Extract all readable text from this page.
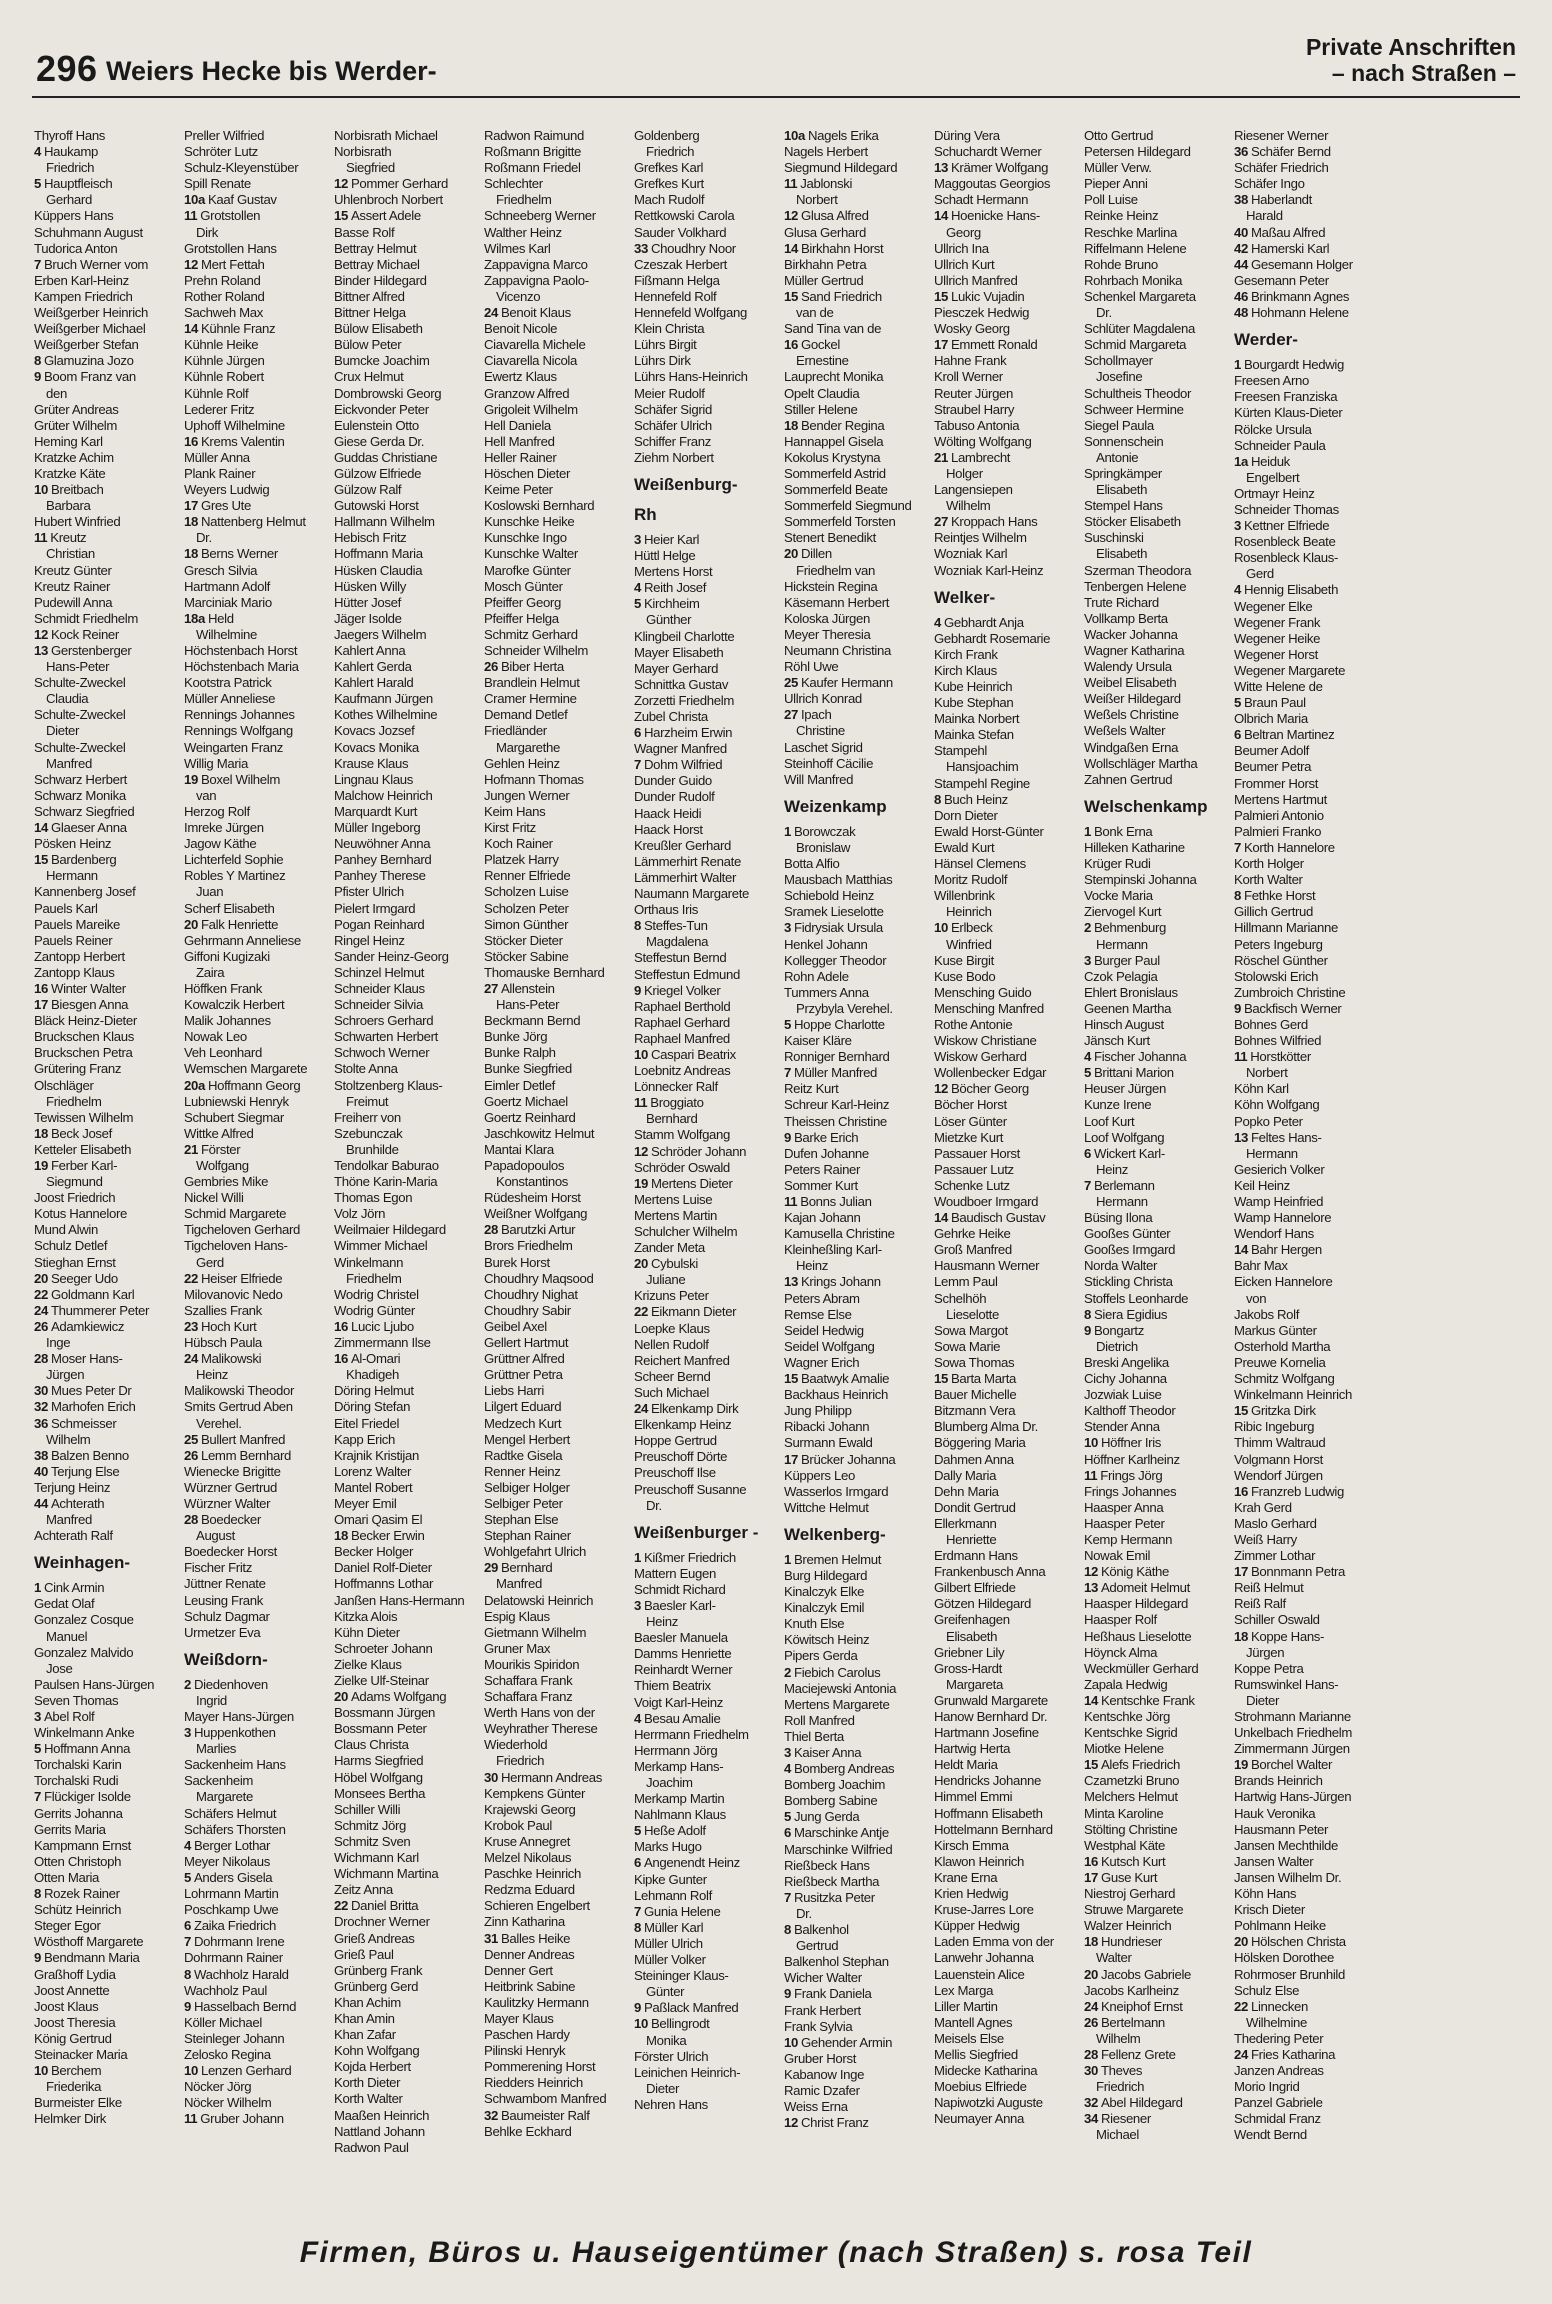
296 Weiers Hecke bis Werder-
Private Anschriften
– nach Straßen –
Thyroff Hans
4 Haukamp
Friedrich
5 Hauptfleisch
Gerhard
Küppers Hans
Schuhmann August
Tudorica Anton
7 Bruch Werner vom
Erben Karl-Heinz
Kampen Friedrich
Weißgerber Heinrich
Weißgerber Michael
Weißgerber Stefan
8 Glamuzina Jozo
9 Boom Franz van
den
Grüter Andreas
Grüter Wilhelm
Heming Karl
Kratzke Achim
Kratzke Käte
10 Breitbach
Barbara
Hubert Winfried
11 Kreutz
Christian
Kreutz Günter
Kreutz Rainer
Pudewill Anna
Schmidt Friedhelm
12 Kock Reiner
13 Gerstenberger
Hans-Peter
Schulte-Zweckel
Claudia
Schulte-Zweckel
Dieter
Schulte-Zweckel
Manfred
Schwarz Herbert
Schwarz Monika
Schwarz Siegfried
14 Glaeser Anna
Pösken Heinz
15 Bardenberg
Hermann
Kannenberg Josef
Pauels Karl
Pauels Mareike
Pauels Reiner
Zantopp Herbert
Zantopp Klaus
16 Winter Walter
17 Biesgen Anna
Bläck Heinz-Dieter
Bruckschen Klaus
Bruckschen Petra
Grütering Franz
Olschläger
Friedhelm
Tewissen Wilhelm
18 Beck Josef
Ketteler Elisabeth
19 Ferber Karl-
Siegmund
Joost Friedrich
Kotus Hannelore
Mund Alwin
Schulz Detlef
Stieghan Ernst
20 Seeger Udo
22 Goldmann Karl
24 Thummerer Peter
26 Adamkiewicz
Inge
28 Moser Hans-
Jürgen
30 Mues Peter Dr
32 Marhofen Erich
36 Schmeisser
Wilhelm
38 Balzen Benno
40 Terjung Else
Terjung Heinz
44 Achterath
Manfred
Achterath Ralf
Weinhagen-
1 Cink Armin
Gedat Olaf
Gonzalez Cosque
Manuel
Gonzalez Malvido
Jose
Paulsen Hans-Jürgen
Seven Thomas
3 Abel Rolf
Winkelmann Anke
5 Hoffmann Anna
Torchalski Karin
Torchalski Rudi
7 Flückiger Isolde
Gerrits Johanna
Gerrits Maria
Kampmann Ernst
Otten Christoph
Otten Maria
8 Rozek Rainer
Schütz Heinrich
Steger Egor
Wösthoff Margarete
9 Bendmann Maria
Graßhoff Lydia
Joost Annette
Joost Klaus
Joost Theresia
König Gertrud
Steinacker Maria
10 Berchem
Friederika
Burmeister Elke
Helmker Dirk
Preller Wilfried
Schröter Lutz
Schulz-Kleyenstüber
Spill Renate
10a Kaaf Gustav
11 Grotstollen
Dirk
Grotstollen Hans
12 Mert Fettah
Prehn Roland
Rother Roland
Sachweh Max
14 Kühnle Franz
Kühnle Heike
Kühnle Jürgen
Kühnle Robert
Kühnle Rolf
Lederer Fritz
Uphoff Wilhelmine
16 Krems Valentin
Müller Anna
Plank Rainer
Weyers Ludwig
17 Gres Ute
18 Nattenberg Helmut
Dr.
18 Berns Werner
Gresch Silvia
Hartmann Adolf
Marciniak Mario
18a Held
Wilhelmine
Höchstenbach Horst
Höchstenbach Maria
Kootstra Patrick
Müller Anneliese
Rennings Johannes
Rennings Wolfgang
Weingarten Franz
Willig Maria
19 Boxel Wilhelm
van
Herzog Rolf
Imreke Jürgen
Jagow Käthe
Lichterfeld Sophie
Robles Y Martinez
Juan
Scherf Elisabeth
20 Falk Henriette
Gehrmann Anneliese
Giffoni Kugizaki
Zaira
Höffken Frank
Kowalczik Herbert
Malik Johannes
Nowak Leo
Veh Leonhard
Wemschen Margarete
20a Hoffmann Georg
Lubniewski Henryk
Schubert Siegmar
Wittke Alfred
21 Förster
Wolfgang
Gembries Mike
Nickel Willi
Schmid Margarete
Tigcheloven Gerhard
Tigcheloven Hans-
Gerd
22 Heiser Elfriede
Milovanovic Nedo
Szallies Frank
23 Hoch Kurt
Hübsch Paula
24 Malikowski
Heinz
Malikowski Theodor
Smits Gertrud Aben
Verehel.
25 Bullert Manfred
26 Lemm Bernhard
Wienecke Brigitte
Würzner Gertrud
Würzner Walter
28 Boedecker
August
Boedecker Horst
Fischer Fritz
Jüttner Renate
Leusing Frank
Schulz Dagmar
Urmetzer Eva
Weißdorn-
2 Diedenhoven
Ingrid
Mayer Hans-Jürgen
3 Huppenkothen
Marlies
Sackenheim Hans
Sackenheim
Margarete
Schäfers Helmut
Schäfers Thorsten
4 Berger Lothar
Meyer Nikolaus
5 Anders Gisela
Lohrmann Martin
Poschkamp Uwe
6 Zaika Friedrich
7 Dohrmann Irene
Dohrmann Rainer
8 Wachholz Harald
Wachholz Paul
9 Hasselbach Bernd
Köller Michael
Steinleger Johann
Zelosko Regina
10 Lenzen Gerhard
Nöcker Jörg
Nöcker Wilhelm
11 Gruber Johann
Norbisrath Michael
Norbisrath
Siegfried
12 Pommer Gerhard
Uhlenbroch Norbert
15 Assert Adele
Basse Rolf
Bettray Helmut
Bettray Michael
Binder Hildegard
Bittner Alfred
Bittner Helga
Bülow Elisabeth
Bülow Peter
Bumcke Joachim
Crux Helmut
Dombrowski Georg
Eickvonder Peter
Eulenstein Otto
Giese Gerda Dr.
Guddas Christiane
Gülzow Elfriede
Gülzow Ralf
Gutowski Horst
Hallmann Wilhelm
Hebisch Fritz
Hoffmann Maria
Hüsken Claudia
Hüsken Willy
Hütter Josef
Jäger Isolde
Jaegers Wilhelm
Kahlert Anna
Kahlert Gerda
Kahlert Harald
Kaufmann Jürgen
Kothes Wilhelmine
Kovacs Jozsef
Kovacs Monika
Krause Klaus
Lingnau Klaus
Malchow Heinrich
Marquardt Kurt
Müller Ingeborg
Neuwöhner Anna
Panhey Bernhard
Panhey Therese
Pfister Ulrich
Pielert Irmgard
Pogan Reinhard
Ringel Heinz
Sander Heinz-Georg
Schinzel Helmut
Schneider Klaus
Schneider Silvia
Schroers Gerhard
Schwarten Herbert
Schwoch Werner
Stolte Anna
Stoltzenberg Klaus-
Freimut
Freiherr von
Szebunczak
Brunhilde
Tendolkar Baburao
Thöne Karin-Maria
Thomas Egon
Volz Jörn
Weilmaier Hildegard
Wimmer Michael
Winkelmann
Friedhelm
Wodrig Christel
Wodrig Günter
16 Lucic Ljubo
Zimmermann Ilse
16 Al-Omari
Khadigeh
Döring Helmut
Döring Stefan
Eitel Friedel
Kapp Erich
Krajnik Kristijan
Lorenz Walter
Mantel Robert
Meyer Emil
Omari Qasim El
18 Becker Erwin
Becker Holger
Daniel Rolf-Dieter
Hoffmanns Lothar
Janßen Hans-Hermann
Kitzka Alois
Kühn Dieter
Schroeter Johann
Zielke Klaus
Zielke Ulf-Steinar
20 Adams Wolfgang
Bossmann Jürgen
Bossmann Peter
Claus Christa
Harms Siegfried
Höbel Wolfgang
Monsees Bertha
Schiller Willi
Schmitz Jörg
Schmitz Sven
Wichmann Karl
Wichmann Martina
Zeitz Anna
22 Daniel Britta
Drochner Werner
Grieß Andreas
Grieß Paul
Grünberg Frank
Grünberg Gerd
Khan Achim
Khan Amin
Khan Zafar
Kohn Wolfgang
Kojda Herbert
Korth Dieter
Korth Walter
Maaßen Heinrich
Nattland Johann
Radwon Paul
Radwon Raimund
Roßmann Brigitte
Roßmann Friedel
Schlechter
Friedhelm
Schneeberg Werner
Walther Heinz
Wilmes Karl
Zappavigna Marco
Zappavigna Paolo-
Vicenzo
24 Benoit Klaus
Benoit Nicole
Ciavarella Michele
Ciavarella Nicola
Ewertz Klaus
Granzow Alfred
Grigoleit Wilhelm
Hell Daniela
Hell Manfred
Heller Rainer
Höschen Dieter
Keime Peter
Koslowski Bernhard
Kunschke Heike
Kunschke Ingo
Kunschke Walter
Marofke Günter
Mosch Günter
Pfeiffer Georg
Pfeiffer Helga
Schmitz Gerhard
Schneider Wilhelm
26 Biber Herta
Brandlein Helmut
Cramer Hermine
Demand Detlef
Friedländer
Margarethe
Gehlen Heinz
Hofmann Thomas
Jungen Werner
Keim Hans
Kirst Fritz
Koch Rainer
Platzek Harry
Renner Elfriede
Scholzen Luise
Scholzen Peter
Simon Günther
Stöcker Dieter
Stöcker Sabine
Thomauske Bernhard
27 Allenstein
Hans-Peter
Beckmann Bernd
Bunke Jörg
Bunke Ralph
Bunke Siegfried
Eimler Detlef
Goertz Michael
Goertz Reinhard
Jaschkowitz Helmut
Mantai Klara
Papadopoulos
Konstantinos
Rüdesheim Horst
Weißner Wolfgang
28 Barutzki Artur
Brors Friedhelm
Burek Horst
Choudhry Maqsood
Choudhry Nighat
Choudhry Sabir
Geibel Axel
Gellert Hartmut
Grüttner Alfred
Grüttner Petra
Liebs Harri
Lilgert Eduard
Medzech Kurt
Mengel Herbert
Radtke Gisela
Renner Heinz
Selbiger Holger
Selbiger Peter
Stephan Else
Stephan Rainer
Wohlgefahrt Ulrich
29 Bernhard
Manfred
Delatowski Heinrich
Espig Klaus
Gietmann Wilhelm
Gruner Max
Mourikis Spiridon
Schaffara Frank
Schaffara Franz
Werth Hans von der
Weyhrather Therese
Wiederhold
Friedrich
30 Hermann Andreas
Kempkens Günter
Krajewski Georg
Krobok Paul
Kruse Annegret
Melzel Nikolaus
Paschke Heinrich
Redzma Eduard
Schieren Engelbert
Zinn Katharina
31 Balles Heike
Denner Andreas
Denner Gert
Heitbrink Sabine
Kaulitzky Hermann
Mayer Klaus
Paschen Hardy
Pilinski Henryk
Pommerening Horst
Riedders Heinrich
Schwambom Manfred
32 Baumeister Ralf
Behlke Eckhard
Goldenberg
Friedrich
Grefkes Karl
Grefkes Kurt
Mach Rudolf
Rettkowski Carola
Sauder Volkhard
33 Choudhry Noor
Czeszak Herbert
Fißmann Helga
Hennefeld Rolf
Hennefeld Wolfgang
Klein Christa
Lührs Birgit
Lührs Dirk
Lührs Hans-Heinrich
Meier Rudolf
Schäfer Sigrid
Schäfer Ulrich
Schiffer Franz
Ziehm Norbert
Weißenburg-
Rh
3 Heier Karl
Hüttl Helge
Mertens Horst
4 Reith Josef
5 Kirchheim
Günther
Klingbeil Charlotte
Mayer Elisabeth
Mayer Gerhard
Schnittka Gustav
Zorzetti Friedhelm
Zubel Christa
6 Harzheim Erwin
Wagner Manfred
7 Dohm Wilfried
Dunder Guido
Dunder Rudolf
Haack Heidi
Haack Horst
Kreußler Gerhard
Lämmerhirt Renate
Lämmerhirt Walter
Naumann Margarete
Orthaus Iris
8 Steffes-Tun
Magdalena
Steffestun Bernd
Steffestun Edmund
9 Kriegel Volker
Raphael Berthold
Raphael Gerhard
Raphael Manfred
10 Caspari Beatrix
Loebnitz Andreas
Lönnecker Ralf
11 Broggiato
Bernhard
Stamm Wolfgang
12 Schröder Johann
Schröder Oswald
19 Mertens Dieter
Mertens Luise
Mertens Martin
Schulcher Wilhelm
Zander Meta
20 Cybulski
Juliane
Krizuns Peter
22 Eikmann Dieter
Loepke Klaus
Nellen Rudolf
Reichert Manfred
Scheer Bernd
Such Michael
24 Elkenkamp Dirk
Elkenkamp Heinz
Hoppe Gertrud
Preuschoff Dörte
Preuschoff Ilse
Preuschoff Susanne
Dr.
Weißenburger -
1 Kißmer Friedrich
Mattern Eugen
Schmidt Richard
3 Baesler Karl-
Heinz
Baesler Manuela
Damms Henriette
Reinhardt Werner
Thiem Beatrix
Voigt Karl-Heinz
4 Besau Amalie
Herrmann Friedhelm
Herrmann Jörg
Merkamp Hans-
Joachim
Merkamp Martin
Nahlmann Klaus
5 Heße Adolf
Marks Hugo
6 Angenendt Heinz
Kipke Gunter
Lehmann Rolf
7 Gunia Helene
8 Müller Karl
Müller Ulrich
Müller Volker
Steininger Klaus-
Günter
9 Paßlack Manfred
10 Bellingrodt
Monika
Förster Ulrich
Leinichen Heinrich-
Dieter
Nehren Hans
10a Nagels Erika
Nagels Herbert
Siegmund Hildegard
11 Jablonski
Norbert
12 Glusa Alfred
Glusa Gerhard
14 Birkhahn Horst
Birkhahn Petra
Müller Gertrud
15 Sand Friedrich
van de
Sand Tina van de
16 Gockel
Ernestine
Lauprecht Monika
Opelt Claudia
Stiller Helene
18 Bender Regina
Hannappel Gisela
Kokolus Krystyna
Sommerfeld Astrid
Sommerfeld Beate
Sommerfeld Siegmund
Sommerfeld Torsten
Stenert Benedikt
20 Dillen
Friedhelm van
Hickstein Regina
Käsemann Herbert
Koloska Jürgen
Meyer Theresia
Neumann Christina
Röhl Uwe
25 Kaufer Hermann
Ullrich Konrad
27 Ipach
Christine
Laschet Sigrid
Steinhoff Cäcilie
Will Manfred
Weizenkamp
1 Borowczak
Bronislaw
Botta Alfio
Mausbach Matthias
Schiebold Heinz
Sramek Lieselotte
3 Fidrysiak Ursula
Henkel Johann
Kollegger Theodor
Rohn Adele
Tummers Anna
Przybyla Verehel.
5 Hoppe Charlotte
Kaiser Kläre
Ronniger Bernhard
7 Müller Manfred
Reitz Kurt
Schreur Karl-Heinz
Theissen Christine
9 Barke Erich
Dufen Johanne
Peters Rainer
Sommer Kurt
11 Bonns Julian
Kajan Johann
Kamusella Christine
Kleinheßling Karl-
Heinz
13 Krings Johann
Peters Abram
Remse Else
Seidel Hedwig
Seidel Wolfgang
Wagner Erich
15 Baatwyk Amalie
Backhaus Heinrich
Jung Philipp
Ribacki Johann
Surmann Ewald
17 Brücker Johanna
Küppers Leo
Wasserlos Irmgard
Wittche Helmut
Welkenberg-
1 Bremen Helmut
Burg Hildegard
Kinalczyk Elke
Kinalczyk Emil
Knuth Else
Köwitsch Heinz
Pipers Gerda
2 Fiebich Carolus
Maciejewski Antonia
Mertens Margarete
Roll Manfred
Thiel Berta
3 Kaiser Anna
4 Bomberg Andreas
Bomberg Joachim
Bomberg Sabine
5 Jung Gerda
6 Marschinke Antje
Marschinke Wilfried
Rießbeck Hans
Rießbeck Martha
7 Rusitzka Peter
Dr.
8 Balkenhol
Gertrud
Balkenhol Stephan
Wicher Walter
9 Frank Daniela
Frank Herbert
Frank Sylvia
10 Gehender Armin
Gruber Horst
Kabanow Inge
Ramic Dzafer
Weiss Erna
12 Christ Franz
Düring Vera
Schuchardt Werner
13 Krämer Wolfgang
Maggoutas Georgios
Schadt Hermann
14 Hoenicke Hans-
Georg
Ullrich Ina
Ullrich Kurt
Ullrich Manfred
15 Lukic Vujadin
Piesczek Hedwig
Wosky Georg
17 Emmett Ronald
Hahne Frank
Kroll Werner
Reuter Jürgen
Straubel Harry
Tabuso Antonia
Wölting Wolfgang
21 Lambrecht
Holger
Langensiepen
Wilhelm
27 Kroppach Hans
Reintjes Wilhelm
Wozniak Karl
Wozniak Karl-Heinz
Welker-
4 Gebhardt Anja
Gebhardt Rosemarie
Kirch Frank
Kirch Klaus
Kube Heinrich
Kube Stephan
Mainka Norbert
Mainka Stefan
Stampehl
Hansjoachim
Stampehl Regine
8 Buch Heinz
Dorn Dieter
Ewald Horst-Günter
Ewald Kurt
Hänsel Clemens
Moritz Rudolf
Willenbrink
Heinrich
10 Erlbeck
Winfried
Kuse Birgit
Kuse Bodo
Mensching Guido
Mensching Manfred
Rothe Antonie
Wiskow Christiane
Wiskow Gerhard
Wollenbecker Edgar
12 Böcher Georg
Böcher Horst
Löser Günter
Mietzke Kurt
Passauer Horst
Passauer Lutz
Schenke Lutz
Woudboer Irmgard
14 Baudisch Gustav
Gehrke Heike
Groß Manfred
Hausmann Werner
Lemm Paul
Schelhöh
Lieselotte
Sowa Margot
Sowa Marie
Sowa Thomas
15 Barta Marta
Bauer Michelle
Bitzmann Vera
Blumberg Alma Dr.
Böggering Maria
Dahmen Anna
Dally Maria
Dehn Maria
Dondit Gertrud
Ellerkmann
Henriette
Erdmann Hans
Frankenbusch Anna
Gilbert Elfriede
Götzen Hildegard
Greifenhagen
Elisabeth
Griebner Lily
Gross-Hardt
Margareta
Grunwald Margarete
Hanow Bernhard Dr.
Hartmann Josefine
Hartwig Herta
Heldt Maria
Hendricks Johanne
Himmel Emmi
Hoffmann Elisabeth
Hottelmann Bernhard
Kirsch Emma
Klawon Heinrich
Krane Erna
Krien Hedwig
Kruse-Jarres Lore
Küpper Hedwig
Laden Emma von der
Lanwehr Johanna
Lauenstein Alice
Lex Marga
Liller Martin
Mantell Agnes
Meisels Else
Mellis Siegfried
Midecke Katharina
Moebius Elfriede
Napiwotzki Auguste
Neumayer Anna
Otto Gertrud
Petersen Hildegard
Müller Verw.
Pieper Anni
Poll Luise
Reinke Heinz
Reschke Marlina
Riffelmann Helene
Rohde Bruno
Rohrbach Monika
Schenkel Margareta
Dr.
Schlüter Magdalena
Schmid Margareta
Schollmayer
Josefine
Schultheis Theodor
Schweer Hermine
Siegel Paula
Sonnenschein
Antonie
Springkämper
Elisabeth
Stempel Hans
Stöcker Elisabeth
Suschinski
Elisabeth
Szerman Theodora
Tenbergen Helene
Trute Richard
Vollkamp Berta
Wacker Johanna
Wagner Katharina
Walendy Ursula
Weibel Elisabeth
Weißer Hildegard
Weßels Christine
Weßels Walter
Windgaßen Erna
Wollschläger Martha
Zahnen Gertrud
Welschenkamp
1 Bonk Erna
Hilleken Katharine
Krüger Rudi
Stempinski Johanna
Vocke Maria
Ziervogel Kurt
2 Behmenburg
Hermann
3 Burger Paul
Czok Pelagia
Ehlert Bronislaus
Geenen Martha
Hinsch August
Jänsch Kurt
4 Fischer Johanna
5 Brittani Marion
Heuser Jürgen
Kunze Irene
Loof Kurt
Loof Wolfgang
6 Wickert Karl-
Heinz
7 Berlemann
Hermann
Büsing Ilona
Gooßes Günter
Gooßes Irmgard
Norda Walter
Stickling Christa
Stoffels Leonharde
8 Siera Egidius
9 Bongartz
Dietrich
Breski Angelika
Cichy Johanna
Jozwiak Luise
Kalthoff Theodor
Stender Anna
10 Höffner Iris
Höffner Karlheinz
11 Frings Jörg
Frings Johannes
Haasper Anna
Haasper Peter
Kemp Hermann
Nowak Emil
12 König Käthe
13 Adomeit Helmut
Haasper Hildegard
Haasper Rolf
Heßhaus Lieselotte
Höynck Alma
Weckmüller Gerhard
Zapala Hedwig
14 Kentschke Frank
Kentschke Jörg
Kentschke Sigrid
Miotke Helene
15 Alefs Friedrich
Czametzki Bruno
Melchers Helmut
Minta Karoline
Stölting Christine
Westphal Käte
16 Kutsch Kurt
17 Guse Kurt
Niestroj Gerhard
Struwe Margarete
Walzer Heinrich
18 Hundrieser
Walter
20 Jacobs Gabriele
Jacobs Karlheinz
24 Kneiphof Ernst
26 Bertelmann
Wilhelm
28 Fellenz Grete
30 Theves
Friedrich
32 Abel Hildegard
34 Riesener
Michael
Riesener Werner
36 Schäfer Bernd
Schäfer Friedrich
Schäfer Ingo
38 Haberlandt
Harald
40 Maßau Alfred
42 Hamerski Karl
44 Gesemann Holger
Gesemann Peter
46 Brinkmann Agnes
48 Hohmann Helene
Werder-
1 Bourgardt Hedwig
Freesen Arno
Freesen Franziska
Kürten Klaus-Dieter
Rölcke Ursula
Schneider Paula
1a Heiduk
Engelbert
Ortmayr Heinz
Schneider Thomas
3 Kettner Elfriede
Rosenbleck Beate
Rosenbleck Klaus-
Gerd
4 Hennig Elisabeth
Wegener Elke
Wegener Frank
Wegener Heike
Wegener Horst
Wegener Margarete
Witte Helene de
5 Braun Paul
Olbrich Maria
6 Beltran Martinez
Beumer Adolf
Beumer Petra
Frommer Horst
Mertens Hartmut
Palmieri Antonio
Palmieri Franko
7 Korth Hannelore
Korth Holger
Korth Walter
8 Fethke Horst
Gillich Gertrud
Hillmann Marianne
Peters Ingeburg
Röschel Günther
Stolowski Erich
Zumbroich Christine
9 Backfisch Werner
Bohnes Gerd
Bohnes Wilfried
11 Horstkötter
Norbert
Köhn Karl
Köhn Wolfgang
Popko Peter
13 Feltes Hans-
Hermann
Gesierich Volker
Keil Heinz
Wamp Heinfried
Wamp Hannelore
Wendorf Hans
14 Bahr Hergen
Bahr Max
Eicken Hannelore
von
Jakobs Rolf
Markus Günter
Osterhold Martha
Preuwe Kornelia
Schmitz Wolfgang
Winkelmann Heinrich
15 Gritzka Dirk
Ribic Ingeburg
Thimm Waltraud
Volgmann Horst
Wendorf Jürgen
16 Franzreb Ludwig
Krah Gerd
Maslo Gerhard
Weiß Harry
Zimmer Lothar
17 Bonnmann Petra
Reiß Helmut
Reiß Ralf
Schiller Oswald
18 Koppe Hans-
Jürgen
Koppe Petra
Rumswinkel Hans-
Dieter
Strohmann Marianne
Unkelbach Friedhelm
Zimmermann Jürgen
19 Borchel Walter
Brands Heinrich
Hartwig Hans-Jürgen
Hauk Veronika
Hausmann Peter
Jansen Mechthilde
Jansen Walter
Jansen Wilhelm Dr.
Köhn Hans
Krisch Dieter
Pohlmann Heike
20 Hölschen Christa
Hölsken Dorothee
Rohrmoser Brunhild
Schulz Else
22 Linnecken
Wilhelmine
Thedering Peter
24 Fries Katharina
Janzen Andreas
Morio Ingrid
Panzel Gabriele
Schmidal Franz
Wendt Bernd
Firmen, Büros u. Hauseigentümer (nach Straßen) s. rosa Teil
